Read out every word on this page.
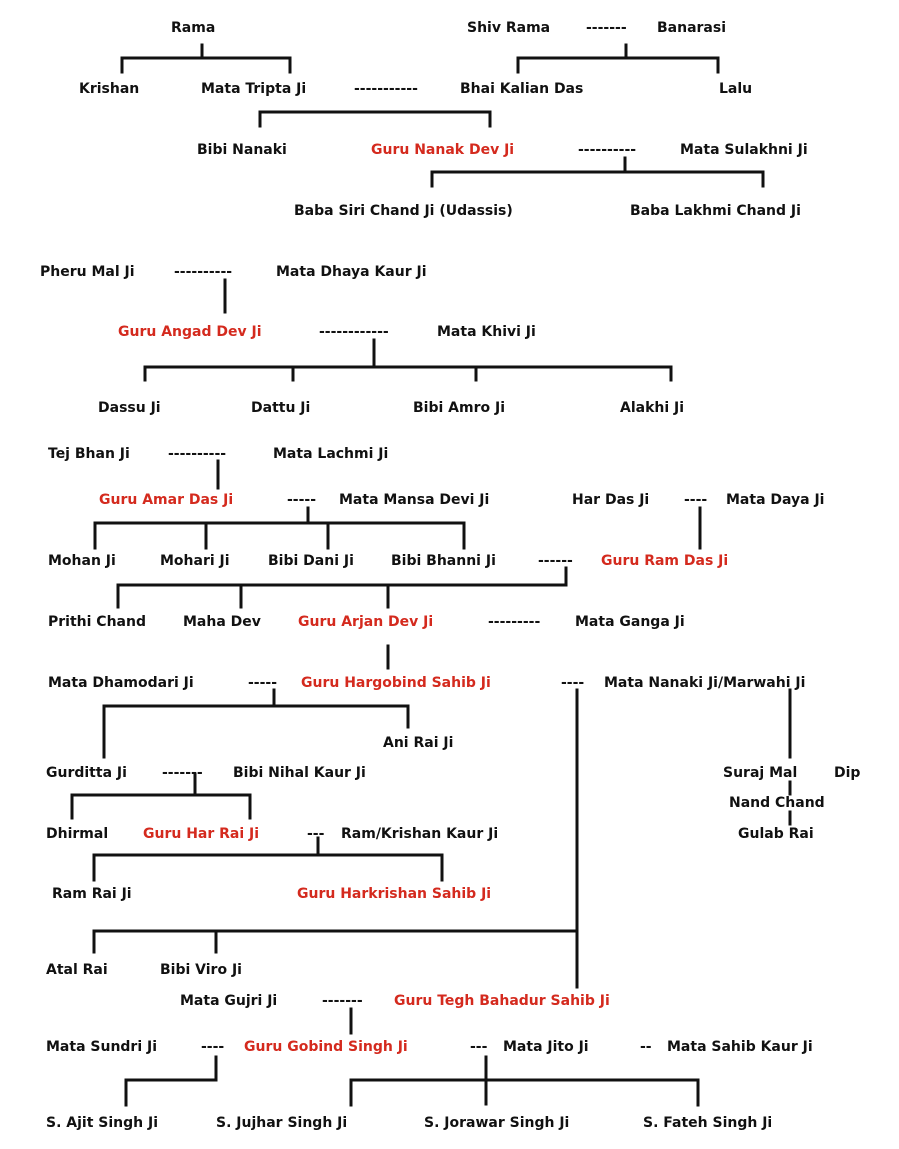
Rama	Shiv Rama	------- Banarasi
Krishan	Mata Tripta Ji	-----------	Bhai Kalian Das	Lalu
Bibi Nanaki	Guru Nanak Dev Ji	----------	Mata Sulakhni Ji
Baba Siri Chand Ji (Udassis)	Baba Lakhmi Chand Ji
Pheru Mal Ji	----------	Mata Dhaya Kaur Ji
Guru Angad Dev Ji	------------	Mata Khivi Ji
Dassu Ji	Dattu Ji	Bibi Amro Ji	Alakhi Ji
Tej Bhan Ji	----------	Mata Lachmi Ji
Guru Amar Das Ji	----- Mata Mansa Devi Ji	Har Das Ji ---- Mata Daya Ji
Mohan Ji	Mohari Ji	Bibi Dani Ji	Bibi Bhanni Ji	------ Guru Ram Das Ji
Prithi Chand	Maha Dev	Guru Arjan Dev Ji	--------- Mata Ganga Ji
Mata Dhamodari Ji	----- Guru Hargobind Sahib Ji	---- Mata Nanaki Ji/Marwahi Ji
Ani Rai Ji
Gurditta Ji	------- Bibi Nihal Kaur Ji	Suraj Mal	Dip
Nand Chand
Dhirmal Guru Har Rai Ji	--- Ram/Krishan Kaur Ji	Gulab Rai
Ram Rai Ji	Guru Harkrishan Sahib Ji
Atal Rai	Bibi Viro Ji
Mata Gujri Ji	------- Guru Tegh Bahadur Sahib Ji
Mata Sundri Ji	---- Guru Gobind Singh Ji	--- Mata Jito Ji	-- Mata Sahib Kaur Ji
S. Ajit Singh Ji	S. Jujhar Singh Ji	S. Jorawar Singh Ji	S. Fateh Singh Ji
